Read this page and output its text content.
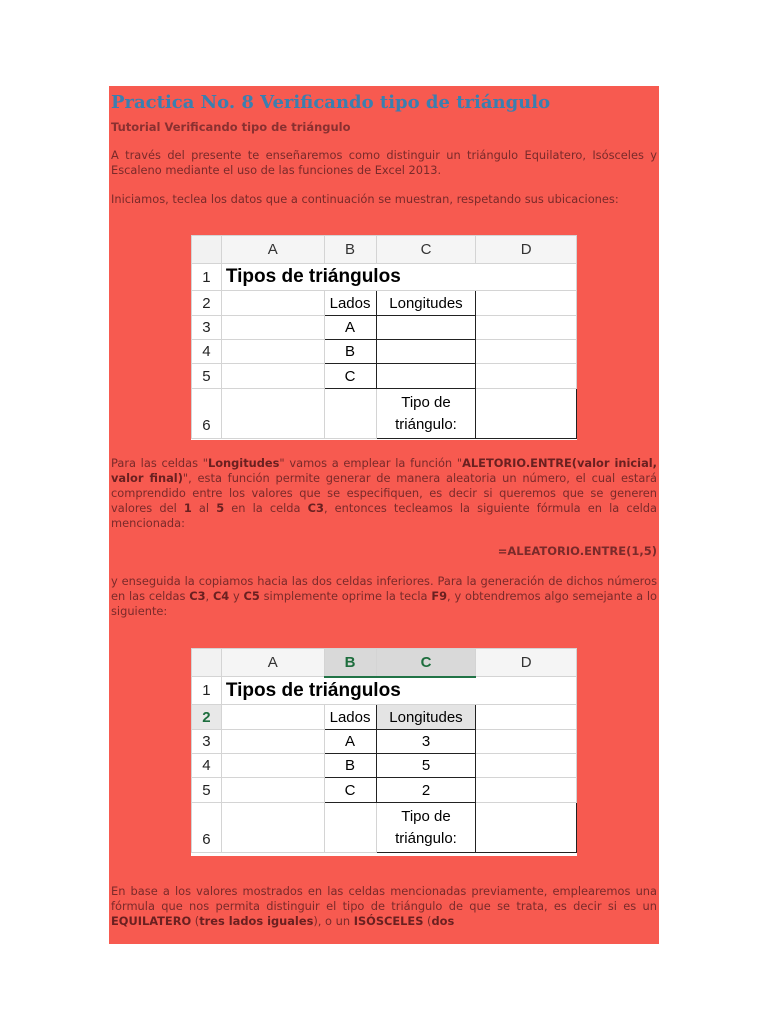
Practica No. 8 Verificando tipo de triángulo
Tutorial Verificando tipo de triángulo

A través del presente te enseñaremos como distinguir un triángulo Equilatero, Isósceles y Escaleno mediante el uso de las funciones de Excel 2013.

Iniciamos, teclea los datos que a continuación se muestran, respetando sus ubicaciones:

	A	B	C	D
1	Tipos de triángulos			
2		Lados	Longitudes	
3		A		
4		B		
5		C		
6			Tipo de triángulo:	

Para las celdas "Longitudes" vamos a emplear la función "ALETORIO.ENTRE(valor inicial, valor final)", esta función permite generar de manera aleatoria un número, el cual estará comprendido entre los valores que se especifiquen, es decir si queremos que se generen valores del 1 al 5 en la celda C3, entonces tecleamos la siguiente fórmula en la celda mencionada:

=ALEATORIO.ENTRE(1,5)

y enseguida la copiamos hacia las dos celdas inferiores. Para la generación de dichos números en las celdas C3, C4 y C5 simplemente oprime la tecla F9, y obtendremos algo semejante a lo siguiente:

	A	B	C	D
1	Tipos de triángulos			
2		Lados	Longitudes	
3		A	3	
4		B	5	
5		C	2	
6			Tipo de triángulo:	

En base a los valores mostrados en las celdas mencionadas previamente, emplearemos una fórmula que nos permita distinguir el tipo de triángulo de que se trata, es decir si es un EQUILATERO (tres lados iguales), o un ISÓSCELES (dos
